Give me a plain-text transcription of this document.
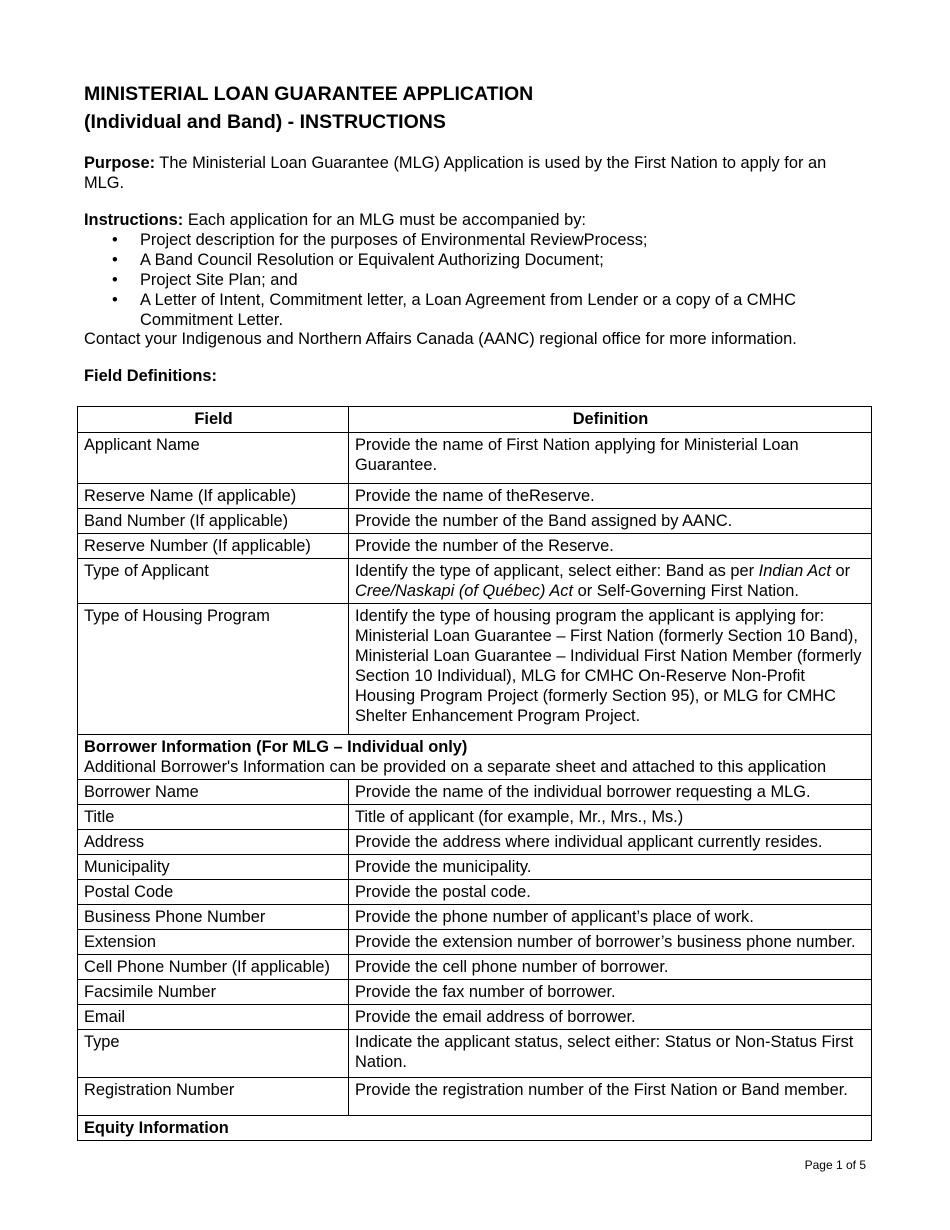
MINISTERIAL LOAN GUARANTEE APPLICATION
(Individual and Band) - INSTRUCTIONS
Purpose: The Ministerial Loan Guarantee (MLG) Application is used by the First Nation to apply for an MLG.
Instructions: Each application for an MLG must be accompanied by:
• Project description for the purposes of Environmental ReviewProcess;
• A Band Council Resolution or Equivalent Authorizing Document;
• Project Site Plan; and
• A Letter of Intent, Commitment letter, a Loan Agreement from Lender or a copy of a CMHC Commitment Letter.
Contact your Indigenous and Northern Affairs Canada (AANC) regional office for more information.
Field Definitions:
Field	Definition
Applicant Name	Provide the name of First Nation applying for Ministerial Loan Guarantee.
Reserve Name (If applicable)	Provide the name of theReserve.
Band Number (If applicable)	Provide the number of the Band assigned by AANC.
Reserve Number (If applicable)	Provide the number of the Reserve.
Type of Applicant	Identify the type of applicant, select either: Band as per Indian Act or Cree/Naskapi (of Québec) Act or Self-Governing First Nation.
Type of Housing Program	Identify the type of housing program the applicant is applying for: Ministerial Loan Guarantee – First Nation (formerly Section 10 Band), Ministerial Loan Guarantee – Individual First Nation Member (formerly Section 10 Individual), MLG for CMHC On-Reserve Non-Profit Housing Program Project (formerly Section 95), or MLG for CMHC Shelter Enhancement Program Project.
Borrower Information (For MLG – Individual only)
Additional Borrower's Information can be provided on a separate sheet and attached to this application	
Borrower Name	Provide the name of the individual borrower requesting a MLG.
Title	Title of applicant (for example, Mr., Mrs., Ms.)
Address	Provide the address where individual applicant currently resides.
Municipality	Provide the municipality.
Postal Code	Provide the postal code.
Business Phone Number	Provide the phone number of applicant’s place of work.
Extension	Provide the extension number of borrower’s business phone number.
Cell Phone Number (If applicable)	Provide the cell phone number of borrower.
Facsimile Number	Provide the fax number of borrower.
Email	Provide the email address of borrower.
Type	Indicate the applicant status, select either: Status or Non-Status First Nation.
Registration Number	Provide the registration number of the First Nation or Band member.
Equity Information	
Page 1 of 5
